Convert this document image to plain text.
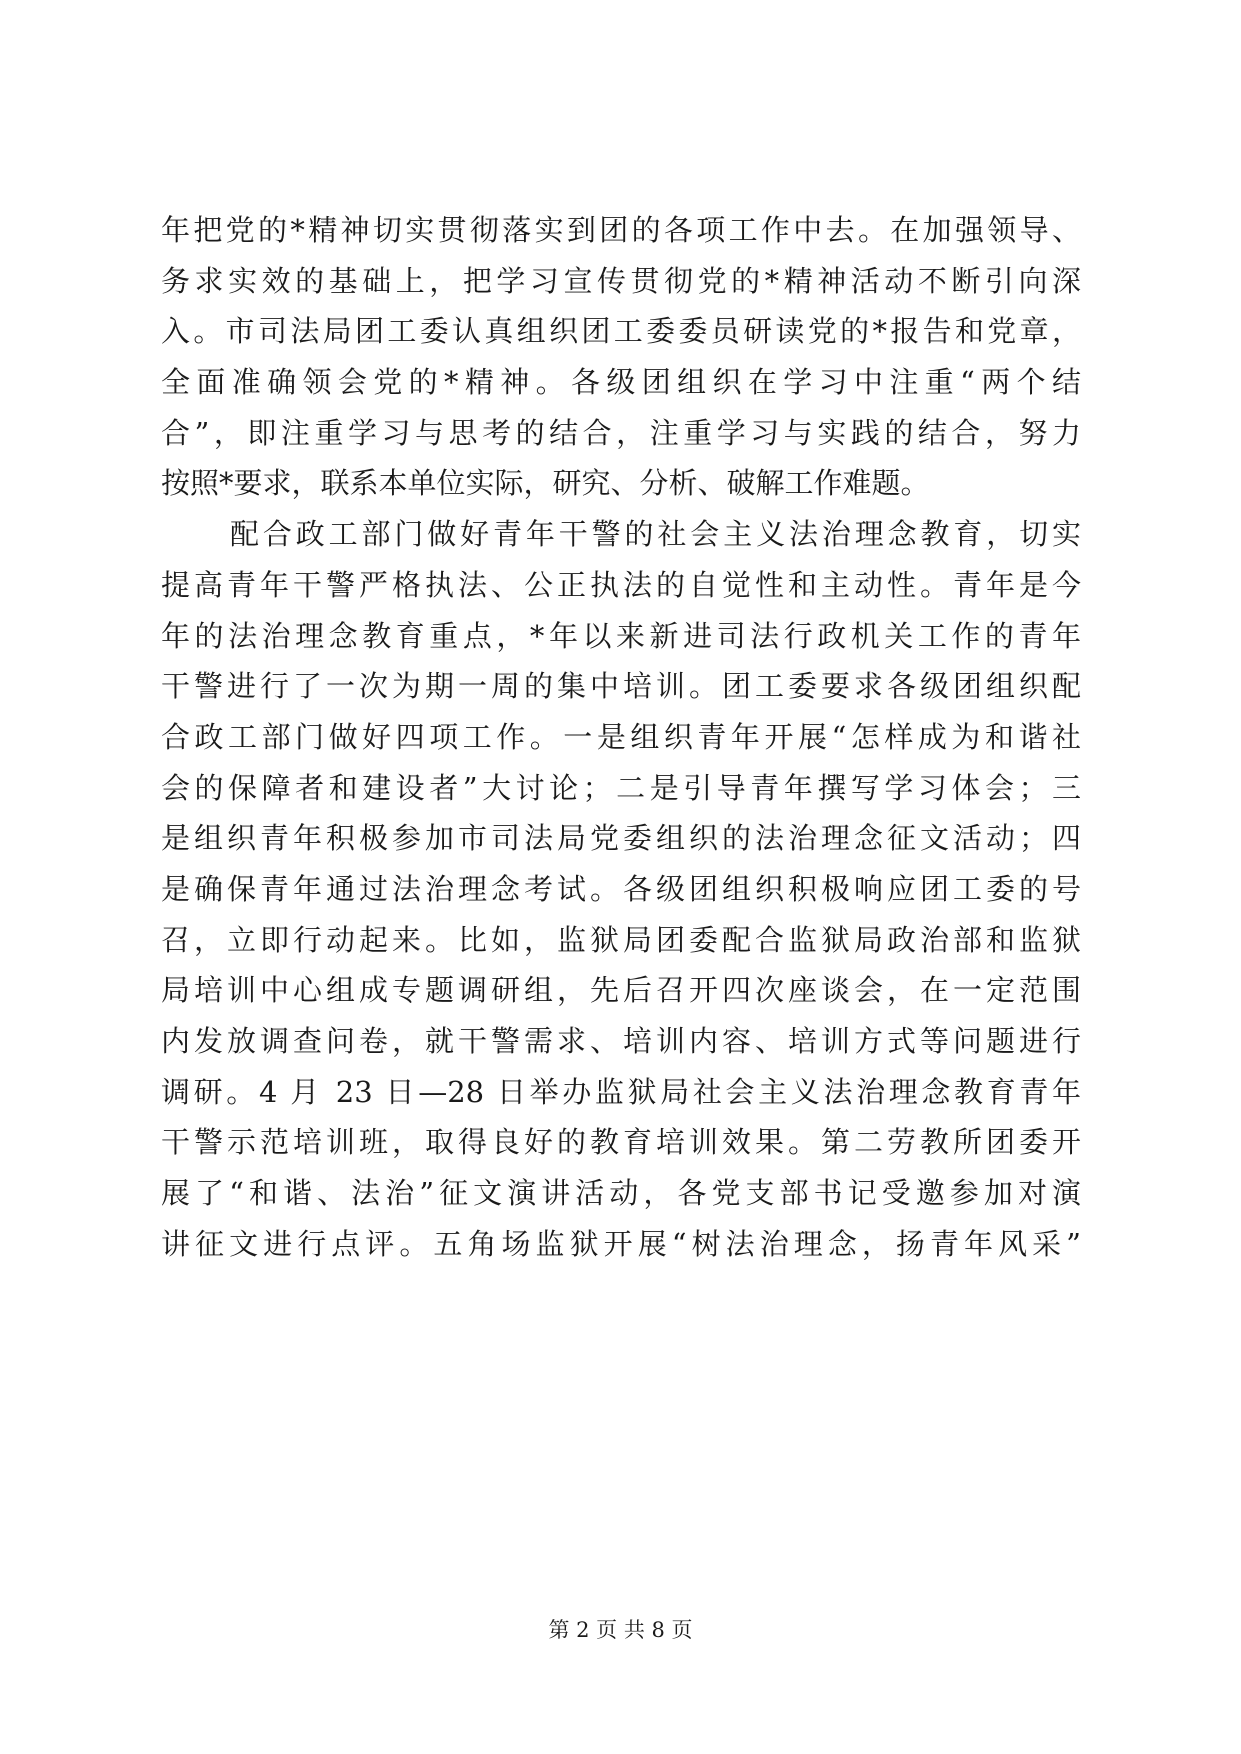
年把党的*精神切实贯彻落实到团的各项工作中去。在加强领导、
务求实效的基础上，把学习宣传贯彻党的*精神活动不断引向深
入。市司法局团工委认真组织团工委委员研读党的*报告和党章，
全面准确领会党的*精神。各级团组织在学习中注重“两个结
合”，即注重学习与思考的结合，注重学习与实践的结合，努力
按照*要求，联系本单位实际，研究、分析、破解工作难题。
配合政工部门做好青年干警的社会主义法治理念教育，切实
提高青年干警严格执法、公正执法的自觉性和主动性。青年是今
年的法治理念教育重点，*年以来新进司法行政机关工作的青年
干警进行了一次为期一周的集中培训。团工委要求各级团组织配
合政工部门做好四项工作。一是组织青年开展“怎样成为和谐社
会的保障者和建设者”大讨论；二是引导青年撰写学习体会；三
是组织青年积极参加市司法局党委组织的法治理念征文活动；四
是确保青年通过法治理念考试。各级团组织积极响应团工委的号
召，立即行动起来。比如，监狱局团委配合监狱局政治部和监狱
局培训中心组成专题调研组，先后召开四次座谈会，在一定范围
内发放调查问卷，就干警需求、培训内容、培训方式等问题进行
调研。4 月 23 日—28 日举办监狱局社会主义法治理念教育青年
干警示范培训班，取得良好的教育培训效果。第二劳教所团委开
展了“和谐、法治”征文演讲活动，各党支部书记受邀参加对演
讲征文进行点评。五角场监狱开展“树法治理念，扬青年风采”
第 2 页 共 8 页
